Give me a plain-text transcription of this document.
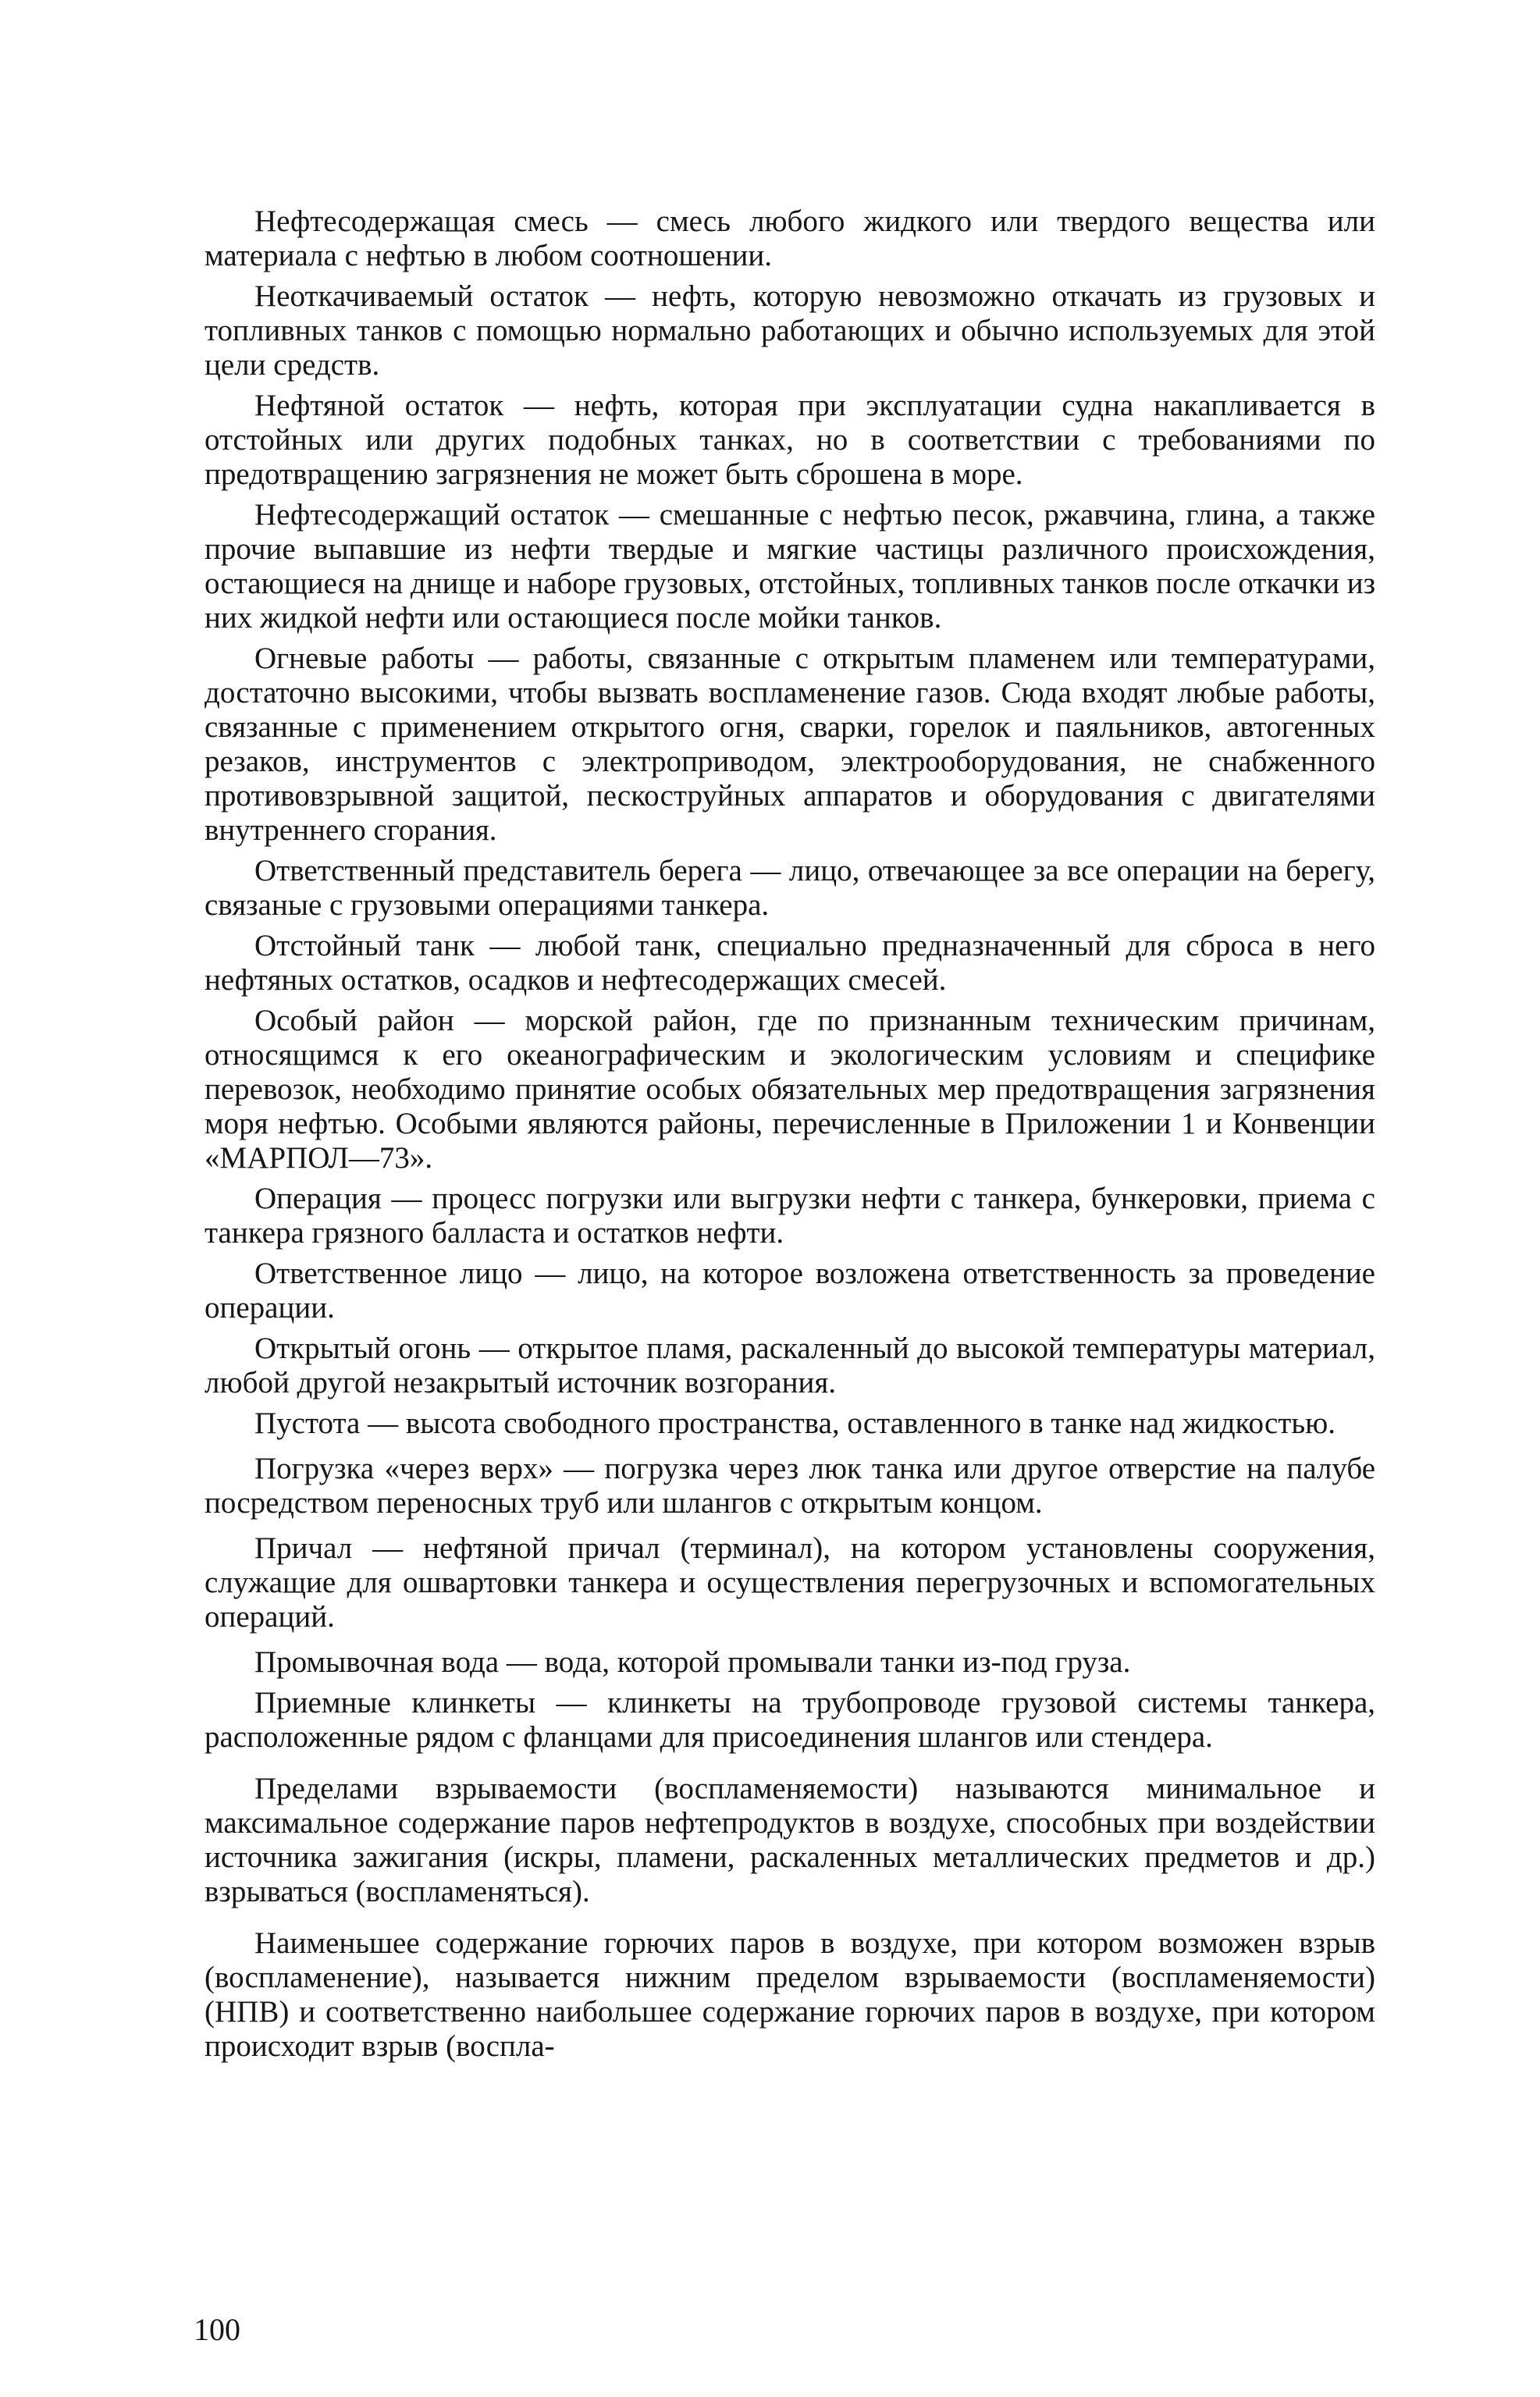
Нефтесодержащая смесь — смесь любого жидкого или твердого вещества или материала с нефтью в любом соотношении.

Неоткачиваемый остаток — нефть, которую невозможно откачать из грузовых и топливных танков с помощью нормально работающих и обычно используемых для этой цели средств.

Нефтяной остаток — нефть, которая при эксплуатации судна накапливается в отстойных или других подобных танках, но в соответствии с требованиями по предотвращению загрязнения не может быть сброшена в море.

Нефтесодержащий остаток — смешанные с нефтью песок, ржавчина, глина, а также прочие выпавшие из нефти твердые и мягкие частицы различного происхождения, остающиеся на днище и наборе грузовых, отстойных, топливных танков после откачки из них жидкой нефти или остающиеся после мойки танков.

Огневые работы — работы, связанные с открытым пламенем или температурами, достаточно высокими, чтобы вызвать воспламенение газов. Сюда входят любые работы, связанные с применением открытого огня, сварки, горелок и паяльников, автогенных резаков, инструментов с электроприводом, электрооборудования, не снабженного противовзрывной защитой, пескоструйных аппаратов и оборудования с двигателями внутреннего сгорания.

Ответственный представитель берега — лицо, отвечающее за все операции на берегу, связаные с грузовыми операциями танкера.

Отстойный танк — любой танк, специально предназначенный для сброса в него нефтяных остатков, осадков и нефтесодержащих смесей.

Особый район — морской район, где по признанным техническим причинам, относящимся к его океанографическим и экологическим условиям и специфике перевозок, необходимо принятие особых обязательных мер предотвращения загрязнения моря нефтью. Особыми являются районы, перечисленные в Приложении 1 и Конвенции «МАРПОЛ—73».

Операция — процесс погрузки или выгрузки нефти с танкера, бункеровки, приема с танкера грязного балласта и остатков нефти.

Ответственное лицо — лицо, на которое возложена ответственность за проведение операции.

Открытый огонь — открытое пламя, раскаленный до высокой температуры материал, любой другой незакрытый источник возгорания.

Пустота — высота свободного пространства, оставленного в танке над жидкостью.

Погрузка «через верх» — погрузка через люк танка или другое отверстие на палубе посредством переносных труб или шлангов с открытым концом.

Причал — нефтяной причал (терминал), на котором установлены сооружения, служащие для ошвартовки танкера и осуществления перегрузочных и вспомогательных операций.

Промывочная вода — вода, которой промывали танки из-под груза.

Приемные клинкеты — клинкеты на трубопроводе грузовой системы танкера, расположенные рядом с фланцами для присоединения шлангов или стендера.

Пределами взрываемости (воспламеняемости) называются минимальное и максимальное содержание паров нефтепродуктов в воздухе, способных при воздействии источника зажигания (искры, пламени, раскаленных металлических предметов и др.) взрываться (воспламеняться).

Наименьшее содержание горючих паров в воздухе, при котором возможен взрыв (воспламенение), называется нижним пределом взрываемости (воспламеняемости) (НПВ) и соответственно наибольшее содержание горючих паров в воздухе, при котором происходит взрыв (воспла-

100
